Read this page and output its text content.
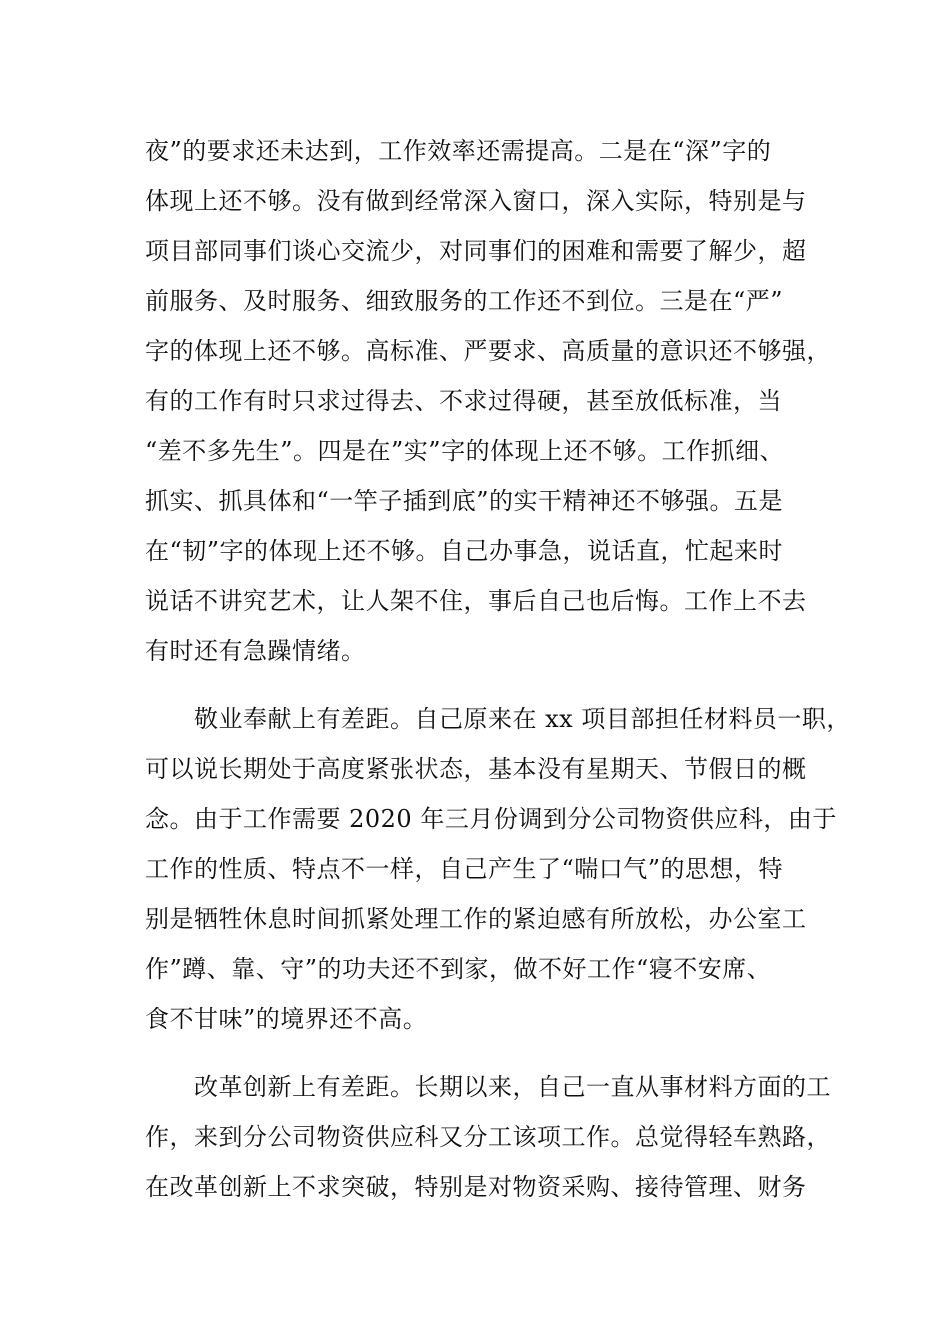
夜”的要求还未达到，工作效率还需提高。二是在“深”字的
体现上还不够。没有做到经常深入窗口，深入实际，特别是与
项目部同事们谈心交流少，对同事们的困难和需要了解少，超
前服务、及时服务、细致服务的工作还不到位。三是在“严”
字的体现上还不够。高标准、严要求、高质量的意识还不够强，
有的工作有时只求过得去、不求过得硬，甚至放低标准，当
“差不多先生”。四是在”实”字的体现上还不够。工作抓细、
抓实、抓具体和“一竿子插到底”的实干精神还不够强。五是
在“韧”字的体现上还不够。自己办事急，说话直，忙起来时
说话不讲究艺术，让人架不住，事后自己也后悔。工作上不去
有时还有急躁情绪。
　　敬业奉献上有差距。自己原来在 xx 项目部担任材料员一职，
可以说长期处于高度紧张状态，基本没有星期天、节假日的概
念。由于工作需要 2020 年三月份调到分公司物资供应科，由于
工作的性质、特点不一样，自己产生了“喘口气”的思想，特
别是牺牲休息时间抓紧处理工作的紧迫感有所放松，办公室工
作”蹲、靠、守”的功夫还不到家，做不好工作“寝不安席、
食不甘味”的境界还不高。
　　改革创新上有差距。长期以来，自己一直从事材料方面的工
作，来到分公司物资供应科又分工该项工作。总觉得轻车熟路，
在改革创新上不求突破，特别是对物资采购、接待管理、财务
